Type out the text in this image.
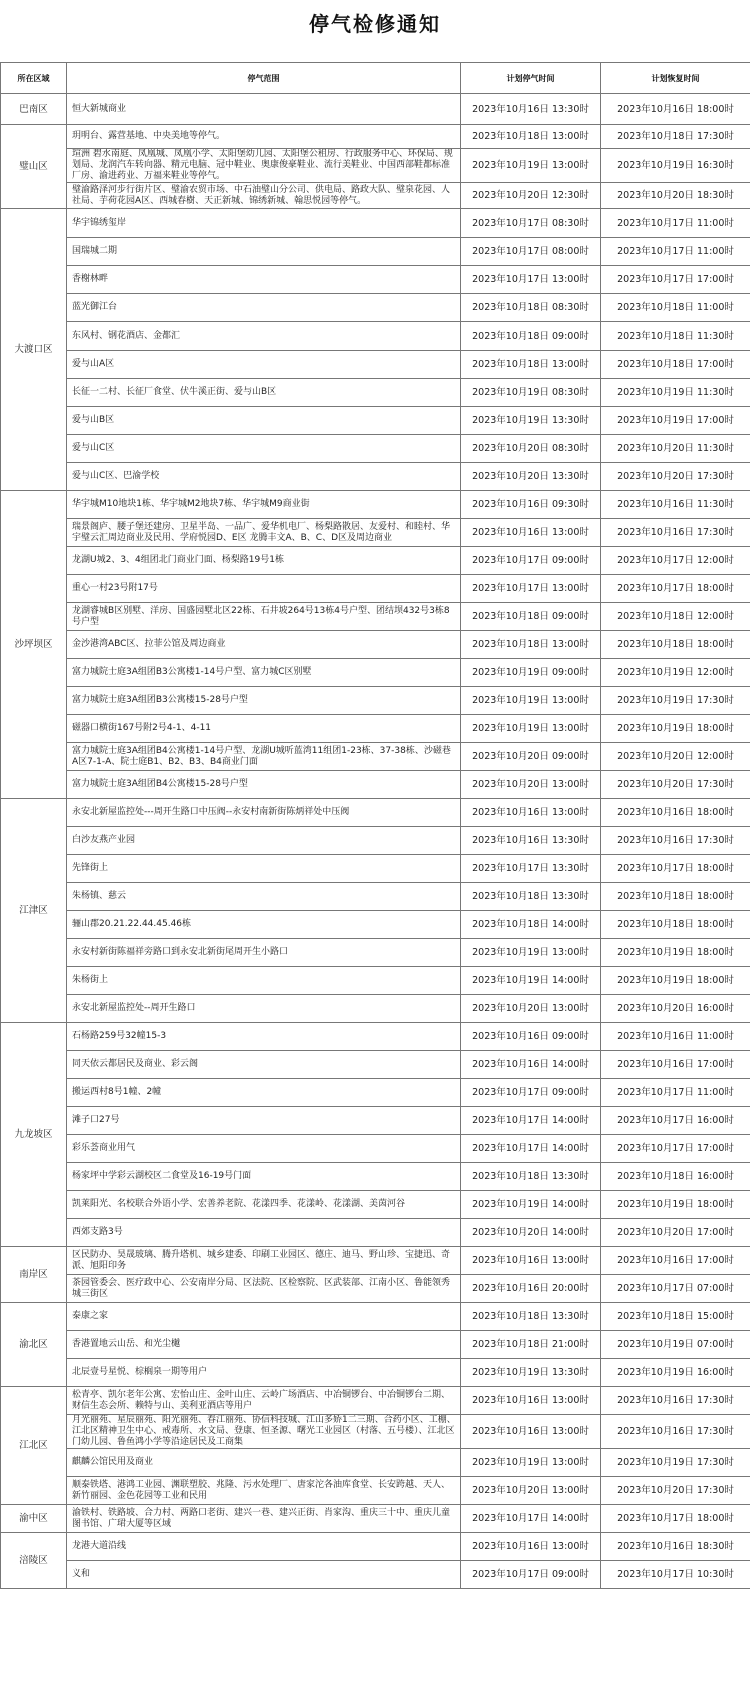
停气检修通知
所在区域	停气范围	计划停气时间	计划恢复时间
巴南区	恒大新城商业	2023年10月16日 13:30时	2023年10月16日 18:00时
璧山区	玥明台、露营基地、中央美地等停气。	2023年10月18日 13:00时	2023年10月18日 17:30时
	瑄洲 碧水南庭、凤凰城、凤凰小学、太阳堡幼儿园、太阳堡公租房、行政服务中心、环保局、规划局、龙润汽车转向器、精元电脑、冠中鞋业、奥康俊豪鞋业、流行美鞋业、中国西部鞋都标准厂房、渝进药业、万福来鞋业等停气。	2023年10月19日 13:00时	2023年10月19日 16:30时
	璧渝路泽河步行街片区、璧渝农贸市场、中石油璧山分公司、供电局、路政大队、璧泉花园、人社局、芋荷花园A区、西城春樹、天正新城、锦绣新城、翰思悦园等停气。	2023年10月20日 12:30时	2023年10月20日 18:30时
大渡口区	华宇锦绣玺岸	2023年10月17日 08:30时	2023年10月17日 11:00时
	国瑞城二期	2023年10月17日 08:00时	2023年10月17日 11:00时
	香榭林畔	2023年10月17日 13:00时	2023年10月17日 17:00时
	蓝光御江台	2023年10月18日 08:30时	2023年10月18日 11:00时
	东风村、钢花酒店、金都汇	2023年10月18日 09:00时	2023年10月18日 11:30时
	爱与山A区	2023年10月18日 13:00时	2023年10月18日 17:00时
	长征一二村、长征厂食堂、伏牛溪正街、爱与山B区	2023年10月19日 08:30时	2023年10月19日 11:30时
	爱与山B区	2023年10月19日 13:30时	2023年10月19日 17:00时
	爱与山C区	2023年10月20日 08:30时	2023年10月20日 11:30时
	爱与山C区、巴渝学校	2023年10月20日 13:30时	2023年10月20日 17:30时
沙坪坝区	华宇城M10地块1栋、华宇城M2地块7栋、华宇城M9商业街	2023年10月16日 09:30时	2023年10月16日 11:30时
	瑞景阁庐、腰子堡还建房、卫星半岛、一品广、爱华机电厂、杨梨路散居、友爱村、和睦村、华宇璧云汇周边商业及民用、学府悦园D、E区 龙腾丰文A、B、C、D区及周边商业	2023年10月16日 13:00时	2023年10月16日 17:30时
	龙湖U城2、3、4组团北门商业门面、杨梨路19号1栋	2023年10月17日 09:00时	2023年10月17日 12:00时
	重心一村23号附17号	2023年10月17日 13:00时	2023年10月17日 18:00时
	龙湖睿城B区别墅、洋房、国盛园墅北区22栋、石井坡264号13栋4号户型、团结坝432号3栋8号户型	2023年10月18日 09:00时	2023年10月18日 12:00时
	金沙港湾ABC区、拉菲公馆及周边商业	2023年10月18日 13:00时	2023年10月18日 18:00时
	富力城院士庭3A组团B3公寓楼1-14号户型、富力城C区别墅	2023年10月19日 09:00时	2023年10月19日 12:00时
	富力城院士庭3A组团B3公寓楼15-28号户型	2023年10月19日 13:00时	2023年10月19日 17:30时
	磁器口横街167号附2号4-1、4-11	2023年10月19日 13:00时	2023年10月19日 18:00时
	富力城院士庭3A组团B4公寓楼1-14号户型、龙湖U城听蓝湾11组团1-23栋、37-38栋、沙磁巷A区7-1-A、院士庭B1、B2、B3、B4商业门面	2023年10月20日 09:00时	2023年10月20日 12:00时
	富力城院士庭3A组团B4公寓楼15-28号户型	2023年10月20日 13:00时	2023年10月20日 17:30时
江津区	永安北新屋监控处---周开生路口中压阀--永安村南新街陈炳祥处中压阀	2023年10月16日 13:00时	2023年10月16日 18:00时
	白沙友燕产业园	2023年10月16日 13:30时	2023年10月16日 17:30时
	先锋街上	2023年10月17日 13:30时	2023年10月17日 18:00时
	朱杨镇、慈云	2023年10月18日 13:30时	2023年10月18日 18:00时
	骊山郡20.21.22.44.45.46栋	2023年10月18日 14:00时	2023年10月18日 18:00时
	永安村新街陈福祥旁路口到永安北新街尾周开生小路口	2023年10月19日 13:00时	2023年10月19日 18:00时
	朱杨街上	2023年10月19日 14:00时	2023年10月19日 18:00时
	永安北新屋监控处--周开生路口	2023年10月20日 13:00时	2023年10月20日 16:00时
九龙坡区	石杨路259号32幢15-3	2023年10月16日 09:00时	2023年10月16日 11:00时
	同天依云都居民及商业、彩云阁	2023年10月16日 14:00时	2023年10月16日 17:00时
	搬运西村8号1幢、2幢	2023年10月17日 09:00时	2023年10月17日 11:00时
	滩子口27号	2023年10月17日 14:00时	2023年10月17日 16:00时
	彩乐荟商业用气	2023年10月17日 14:00时	2023年10月17日 17:00时
	杨家坪中学彩云湖校区二食堂及16-19号门面	2023年10月18日 13:30时	2023年10月18日 16:00时
	凯莱阳光、名校联合外语小学、宏善养老院、花漾四季、花漾岭、花漾湖、美茵河谷	2023年10月19日 14:00时	2023年10月19日 18:00时
	西郊支路3号	2023年10月20日 14:00时	2023年10月20日 17:00时
南岸区	区民防办、昊晟玻璃、腾升塔机、城乡建委、印刷工业园区、德庄、迪马、野山珍、宝捷迅、奇派、旭阳印务	2023年10月16日 13:00时	2023年10月16日 17:00时
	茶园管委会、医疗政中心、公安南岸分局、区法院、区检察院、区武装部、江南小区、鲁能领秀城三街区	2023年10月16日 20:00时	2023年10月17日 07:00时
渝北区	泰康之家	2023年10月18日 13:30时	2023年10月18日 15:00时
	香港置地云山岳、和光尘樾	2023年10月18日 21:00时	2023年10月19日 07:00时
	北辰壹号星悦、棕榈泉一期等用户	2023年10月19日 13:30时	2023年10月19日 16:00时
江北区	松青亭、凯尔老年公寓、宏怡山庄、金叶山庄、云岭广场酒店、中冶铜锣台、中冶铜锣台二期、财信生态会所、赖特与山、美利亚酒店等用户	2023年10月16日 13:00时	2023年10月16日 17:30时
	月光丽苑、星辰丽苑、阳光丽苑、春江丽苑、协信科技城、江山多娇1二三期、合药小区、工棚、江北区精神卫生中心、戒毒所、水文局、登康、恒圣源、曙光工业园区（村落、五号楼）、江北区门幼儿园、鲁鱼鸿小学等沿途居民及工商集	2023年10月16日 13:00时	2023年10月16日 17:30时
	麒麟公馆民用及商业	2023年10月19日 13:00时	2023年10月19日 17:30时
	顺泰铁塔、港鸿工业园、渊联塑胶、兆隆、污水处理厂、唐家沱各油库食堂、长安跨越、天人、新竹丽园、金色花园等工业和民用	2023年10月20日 13:00时	2023年10月20日 17:30时
渝中区	渝铁村、铁路坡、合力村、两路口老街、建兴一巷、建兴正街、肖家沟、重庆三十中、重庆儿童图书馆、广珺大厦等区域	2023年10月17日 14:00时	2023年10月17日 18:00时
涪陵区	龙港大道沿线	2023年10月16日 13:00时	2023年10月16日 18:30时
	义和	2023年10月17日 09:00时	2023年10月17日 10:30时
